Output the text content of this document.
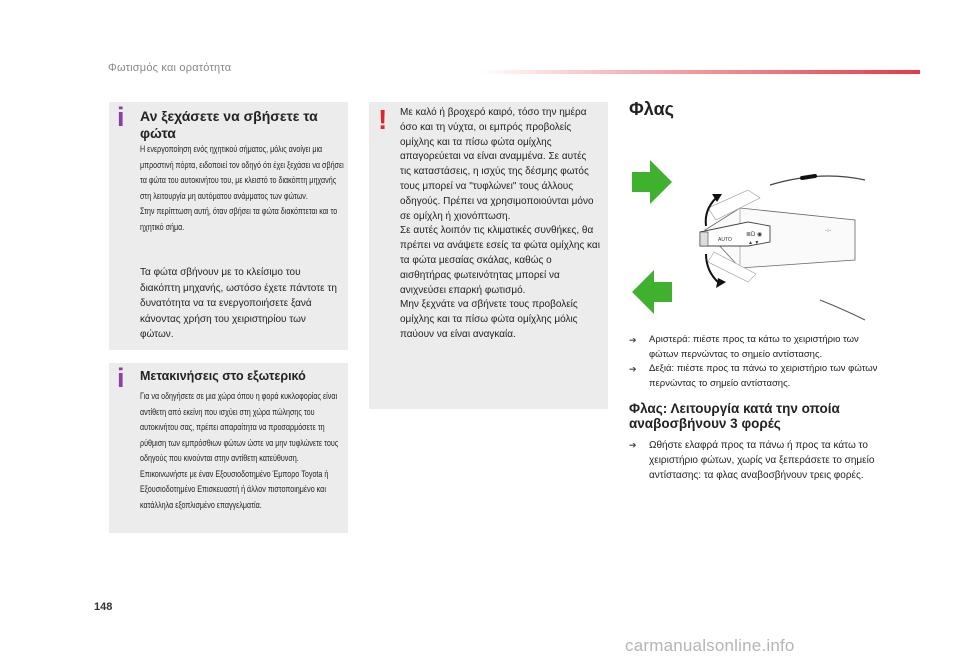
Φωτισμός και ορατότητα
i Αν ξεχάσετε να σβήσετε τα φώτα
Η ενεργοποίηση ενός ηχητικού σήματος, μόλις ανοίγει μια μπροστινή πόρτα, ειδοποιεί τον οδηγό ότι έχει ξεχάσει να σβήσει τα φώτα του αυτοκινήτου του, με κλειστό το διακόπτη μηχανής στη λειτουργία μη αυτόματου ανάμματος των φώτων.
Στην περίπτωση αυτή, όταν σβήσει τα φώτα διακόπτεται και το ηχητικό σήμα.
Τα φώτα σβήνουν με το κλείσιμο του διακόπτη μηχανής, ωστόσο έχετε πάντοτε τη δυνατότητα να τα ενεργοποιήσετε ξανά κάνοντας χρήση του χειριστηρίου των φώτων.
i Μετακινήσεις στο εξωτερικό
Για να οδηγήσετε σε μια χώρα όπου η φορά κυκλοφορίας είναι αντίθετη από εκείνη που ισχύει στη χώρα πώλησης του αυτοκινήτου σας, πρέπει απαραίτητα να προσαρμόσετε τη ρύθμιση των εμπρόσθιων φώτων ώστε να μην τυφλώνετε τους οδηγούς που κινούνται στην αντίθετη κατεύθυνση. Επικοινωνήστε με έναν Εξουσιοδοτημένο Έμπορο Toyota ή Εξουσιοδοτημένο Επισκευαστή ή άλλον πιστοποιημένο και κατάλληλα εξοπλισμένο επαγγελματία.
! Με καλό ή βροχερό καιρό, τόσο την ημέρα όσο και τη νύχτα, οι εμπρός προβολείς ομίχλης και τα πίσω φώτα ομίχλης απαγορεύεται να είναι αναμμένα. Σε αυτές τις καταστάσεις, η ισχύς της δέσμης φωτός τους μπορεί να "τυφλώνει" τους άλλους οδηγούς. Πρέπει να χρησιμοποιούνται μόνο σε ομίχλη ή χιονόπτωση.
Σε αυτές λοιπόν τις κλιματικές συνθήκες, θα πρέπει να ανάψετε εσείς τα φώτα ομίχλης και τα φώτα μεσαίας σκάλας, καθώς ο αισθητήρας φωτεινότητας μπορεί να ανιχνεύσει επαρκή φωτισμό.
Μην ξεχνάτε να σβήνετε τους προβολείς ομίχλης και τα πίσω φώτα ομίχλης μόλις παύουν να είναι αναγκαία.
Φλας
AUTO
≣D ◉
▲ ▼
-○-
➔	Αριστερά: πιέστε προς τα κάτω το χειριστήριο των φώτων περνώντας το σημείο αντίστασης.
➔	Δεξιά: πιέστε προς τα πάνω το χειριστήριο των φώτων περνώντας το σημείο αντίστασης.
Φλας: Λειτουργία κατά την οποία αναβοσβήνουν 3 φορές
➔	Ωθήστε ελαφρά προς τα πάνω ή προς τα κάτω το χειριστήριο φώτων, χωρίς να ξεπεράσετε το σημείο αντίστασης: τα φλας αναβοσβήνουν τρεις φορές.
148
carmanualsonline.info
